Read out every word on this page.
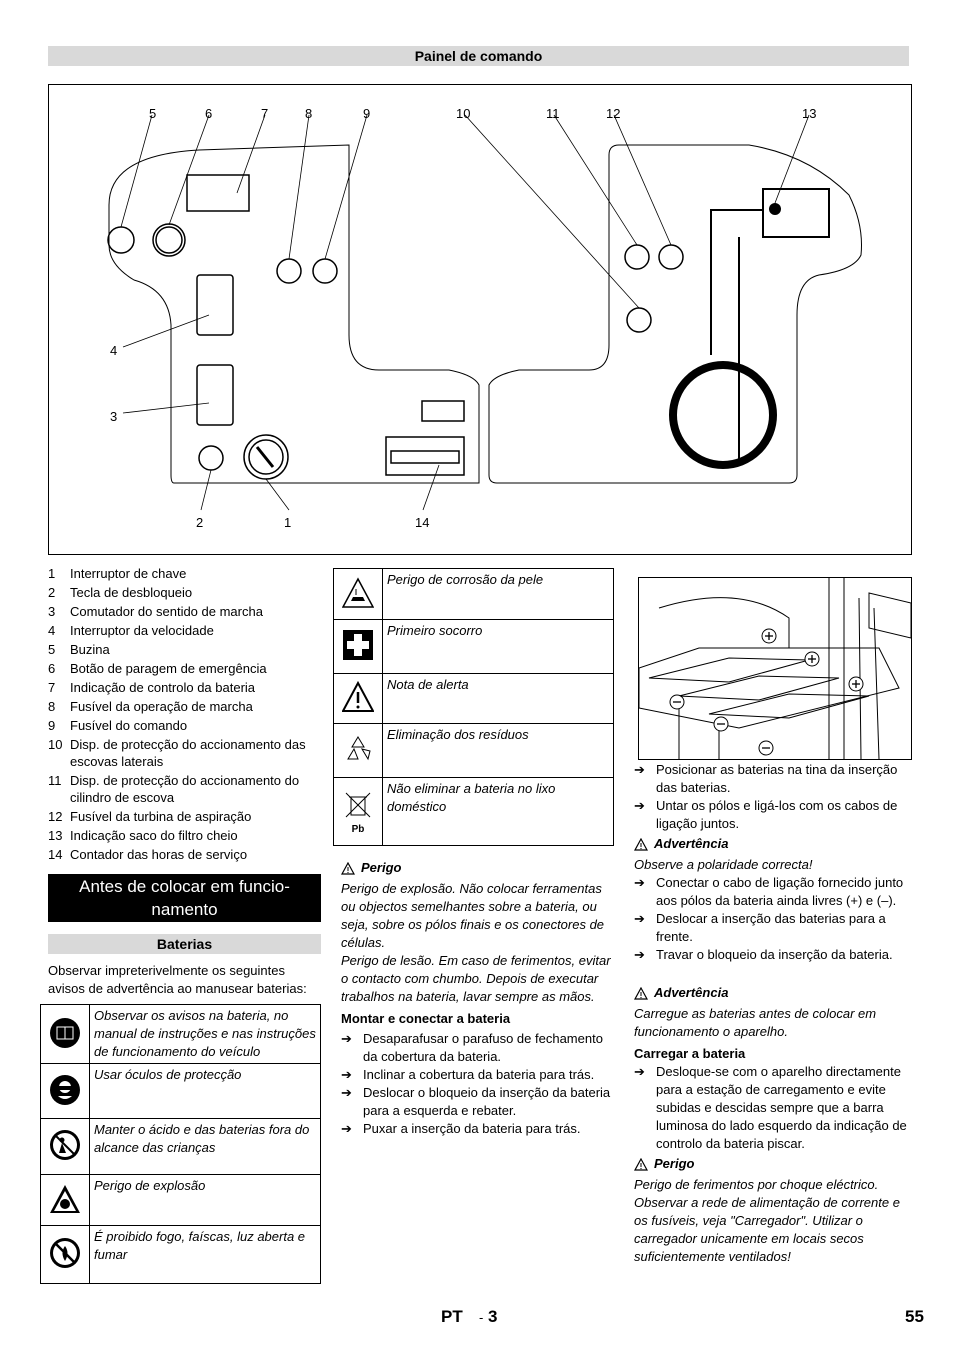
Painel de comando
5	6	7	8	9	10	11	12	13
4
3
2	1	14
1	Interruptor de chave
2	Tecla de desbloqueio
3	Comutador do sentido de marcha
4	Interruptor da velocidade
5	Buzina
6	Botão de paragem de emergência
7	Indicação de controlo da bateria
8	Fusível da operação de marcha
9	Fusível do comando
10 Disp. de protecção do accionamento das escovas laterais
11 Disp. de protecção do accionamento do cilindro de escova
12 Fusível da turbina de aspiração
13 Indicação saco do filtro cheio
14 Contador das horas de serviço
Antes de colocar em funcio-namento
Baterias
Observar impreterivelmente os seguintes avisos de advertência ao manusear baterias:
	Observar os avisos na bateria, no manual de instruções e nas instruções de funcionamento do veículo
	Usar óculos de protecção
	Manter o ácido e das baterias fora do alcance das crianças
	Perigo de explosão
	É proibido fogo, faíscas, luz aberta e fumar
	Perigo de corrosão da pele
	Primeiro socorro
	Nota de alerta
	Eliminação dos resíduos

Pb	Não eliminar a bateria no lixo doméstico
Perigo
Perigo de explosão. Não colocar ferramentas ou objectos semelhantes sobre a bateria, ou seja, sobre os pólos finais e os conectores de células.
Perigo de lesão. Em caso de ferimentos, evitar o contacto com chumbo. Depois de executar trabalhos na bateria, lavar sempre as mãos.
Montar e conectar a bateria
➔ Desaparafusar o parafuso de fechamento da cobertura da bateria.
➔ Inclinar a cobertura da bateria para trás.
➔ Deslocar o bloqueio da inserção da bateria para a esquerda e rebater.
➔ Puxar a inserção da bateria para trás.
➔ Posicionar as baterias na tina da inserção das baterias.
➔ Untar os pólos e ligá-los com os cabos de ligação juntos.
Advertência
Observe a polaridade correcta!
➔ Conectar o cabo de ligação fornecido junto aos pólos da bateria ainda livres (+) e (–).
➔ Deslocar a inserção das baterias para a frente.
➔ Travar o bloqueio da inserção da bateria.
Advertência
Carregue as baterias antes de colocar em funcionamento o aparelho.
Carregar a bateria
➔ Desloque-se com o aparelho directamente para a estação de carregamento e evite subidas e descidas sempre que a barra luminosa do lado esquerdo da indicação de controlo da bateria piscar.
Perigo
Perigo de ferimentos por choque eléctrico. Observar a rede de alimentação de corrente e os fusíveis, veja "Carregador". Utilizar o carregador unicamente em locais secos suficientemente ventilados!
PT - 3	55
